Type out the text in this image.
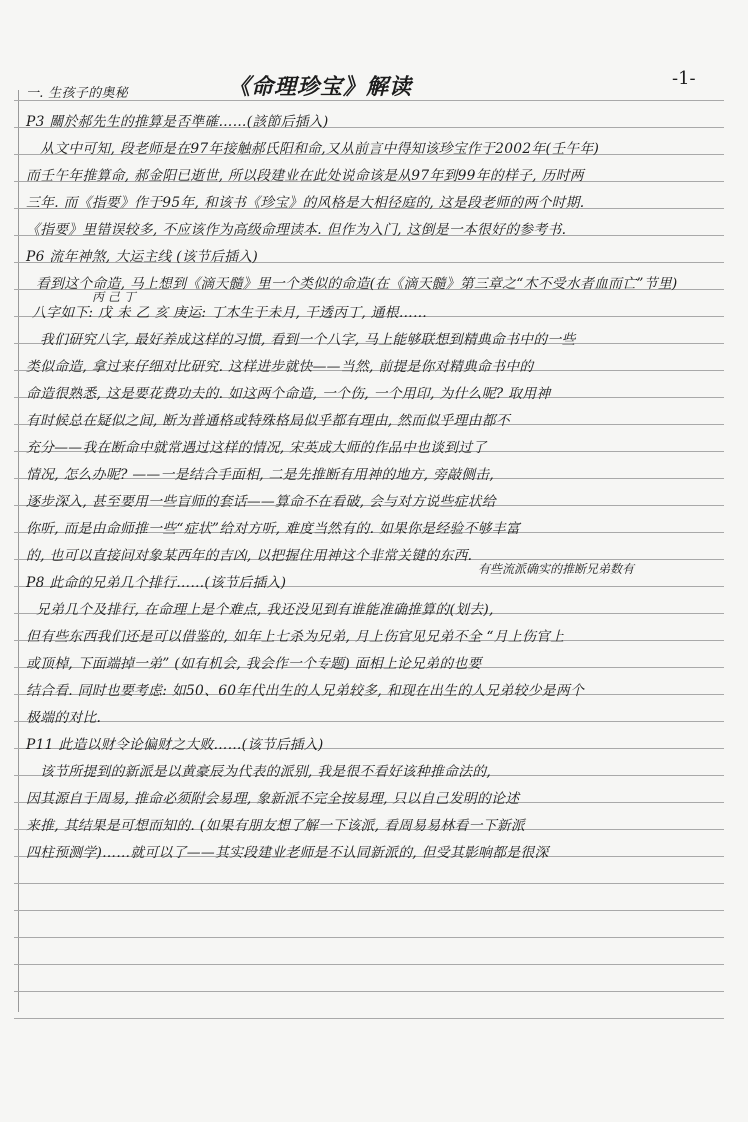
-1-
《命理珍宝》解读
一. 生孩子的奥秘
P3 關於郝先生的推算是否準確……(該節后插入)
从文中可知, 段老师是在97年接触郝氏阳和命,又从前言中得知该珍宝作于2002年(壬午年)
而壬午年推算命, 郝金阳已逝世, 所以段建业在此处说命该是从97年到99年的样子, 历时两
三年. 而《指要》作于95年, 和该书《珍宝》的风格是大相径庭的, 这是段老师的两个时期.
《指要》里错误较多, 不应该作为高级命理读本. 但作为入门, 这倒是一本很好的参考书.
P6 流年神煞, 大运主线 (该节后插入)
看到这个命造, 马上想到《滴天髓》里一个类似的命造(在《滴天髓》第三章之“木不受水者血而亡”节里)
丙 己 丁
八字如下: 戊 未 乙 亥 庚运: 丁木生于未月, 干透丙丁, 通根……
我们研究八字, 最好养成这样的习惯, 看到一个八字, 马上能够联想到精典命书中的一些
类似命造, 拿过来仔细对比研究. 这样进步就快——当然, 前提是你对精典命书中的
命造很熟悉, 这是要花费功夫的. 如这两个命造, 一个伤, 一个用印, 为什么呢? 取用神
有时候总在疑似之间, 断为普通格或特殊格局似乎都有理由, 然而似乎理由都不
充分——我在断命中就常遇过这样的情况, 宋英成大师的作品中也谈到过了
情况, 怎么办呢? ——一是结合手面相, 二是先推断有用神的地方, 旁敲侧击,
逐步深入, 甚至要用一些盲师的套话——算命不在看破, 会与对方说些症状给
你听, 而是由命师推一些“症状”给对方听, 难度当然有的. 如果你是经验不够丰富
的, 也可以直接问对象某西年的吉凶, 以把握住用神这个非常关键的东西.
P8 此命的兄弟几个排行……(该节后插入)
有些流派确实的推断兄弟数有
兄弟几个及排行, 在命理上是个难点, 我还没见到有谁能准确推算的(划去),
但有些东西我们还是可以借鉴的, 如年上七杀为兄弟, 月上伤官见兄弟不全 “月上伤官上
或顶棹, 下面端掉一弟” (如有机会, 我会作一个专题) 面相上论兄弟的也要
结合看. 同时也要考虑: 如50、60年代出生的人兄弟较多, 和现在出生的人兄弟较少是两个
极端的对比.
P11 此造以财令论偏财之大败……(该节后插入)
该节所提到的新派是以黄豪辰为代表的派别, 我是很不看好该种推命法的,
因其源自于周易, 推命必须附会易理, 象新派不完全按易理, 只以自己发明的论述
来推, 其结果是可想而知的. (如果有朋友想了解一下该派, 看周易易林看一下新派
四柱预测学)……就可以了——其实段建业老师是不认同新派的, 但受其影响都是很深
